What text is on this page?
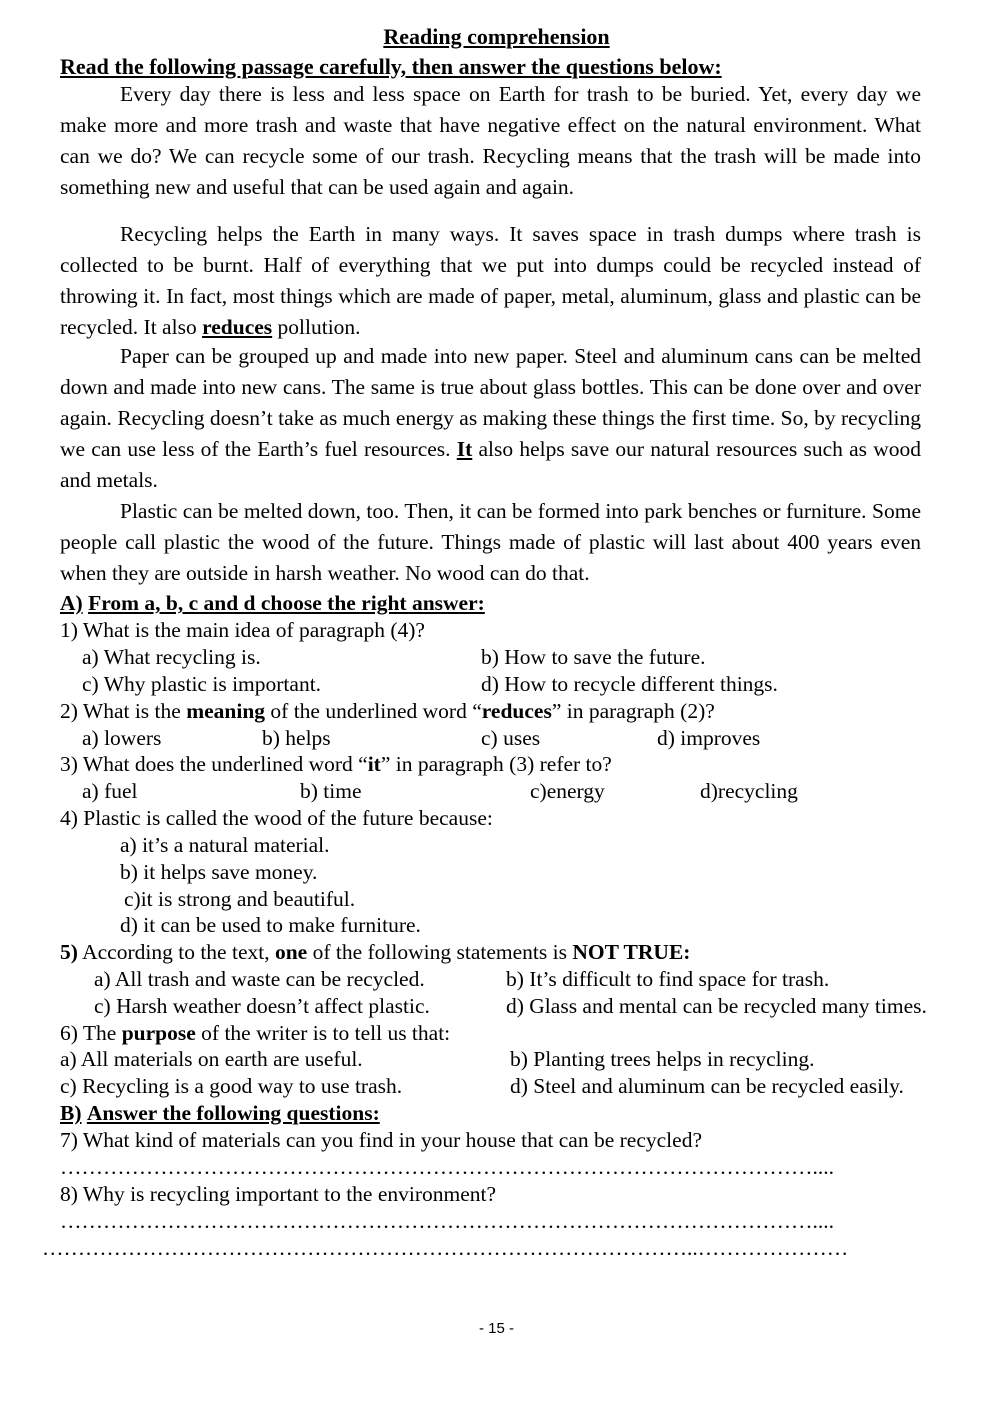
Reading comprehension
Read the following passage carefully, then answer the questions below:
Every day there is less and less space on Earth for trash to be buried. Yet, every day we make more and more trash and waste that have negative effect on the natural environment. What can we do? We can recycle some of our trash. Recycling means that the trash will be made into something new and useful that can be used again and again.
Recycling helps the Earth in many ways. It saves space in trash dumps where trash is collected to be burnt. Half of everything that we put into dumps could be recycled instead of throwing it. In fact, most things which are made of paper, metal, aluminum, glass and plastic can be recycled. It also reduces pollution.
Paper can be grouped up and made into new paper. Steel and aluminum cans can be melted down and made into new cans. The same is true about glass bottles. This can be done over and over again. Recycling doesn’t take as much energy as making these things the first time. So, by recycling we can use less of the Earth’s fuel resources. It also helps save our natural resources such as wood and metals.
Plastic can be melted down, too. Then, it can be formed into park benches or furniture. Some people call plastic the wood of the future. Things made of plastic will last about 400 years even when they are outside in harsh weather. No wood can do that.
A) From a, b, c and d choose the right answer:
1) What is the main idea of paragraph (4)?
a) What recycling is.	b) How to save the future.
c) Why plastic is important.	d) How to recycle different things.
2) What is the meaning of the underlined word “reduces” in paragraph (2)?
a) lowers	b) helps	c) uses	d) improves
3) What does the underlined word “it” in paragraph (3) refer to?
a) fuel	b) time	c)energy	d)recycling
4) Plastic is called the wood of the future because:
a) it’s a natural material.
b) it helps save money.
c)it is strong and beautiful.
d) it can be used to make furniture.
5) According to the text, one of the following statements is NOT TRUE:
a) All trash and waste can be recycled.	b) It’s difficult to find space for trash.
c) Harsh weather doesn’t affect plastic.	d) Glass and mental can be recycled many times.
6) The purpose of the writer is to tell us that:
a) All materials on earth are useful.	b) Planting trees helps in recycling.
c) Recycling is a good way to use trash.	d) Steel and aluminum can be recycled easily.
B) Answer the following questions:
7) What kind of materials can you find in your house that can be recycled?
……………………………………………………………………………………………....
8) Why is recycling important to the environment?
……………………………………………………………………………………………....
………………………………………………………………………………..…………………
- 15 -
